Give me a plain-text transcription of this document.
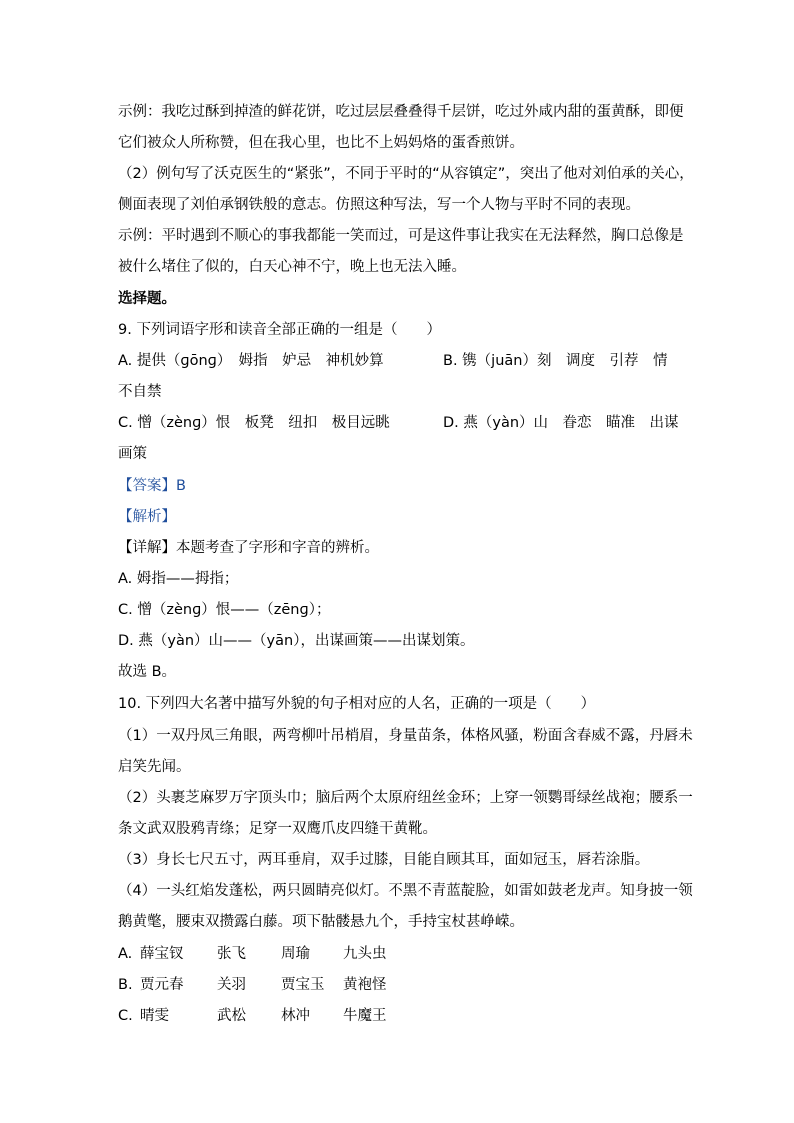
示例：我吃过酥到掉渣的鲜花饼，吃过层层叠叠得千层饼，吃过外咸内甜的蛋黄酥，即便
它们被众人所称赞，但在我心里，也比不上妈妈烙的蛋香煎饼。
（2）例句写了沃克医生的“紧张”，不同于平时的“从容镇定”，突出了他对刘伯承的关心，
侧面表现了刘伯承钢铁般的意志。仿照这种写法，写一个人物与平时不同的表现。
示例：平时遇到不顺心的事我都能一笑而过，可是这件事让我实在无法释然，胸口总像是
被什么堵住了似的，白天心神不宁，晚上也无法入睡。
选择题。
9. 下列词语字形和读音全部正确的一组是（　　）
A. 提供（ɡōnɡ）　姆指　妒忌　神机妙算	B. 镌（juān）刻　调度　引荐　情
不自禁
C. 憎（zènɡ）恨　板凳　纽扣　极目远眺	D. 燕（yàn）山　眷恋　瞄准　出谋
画策
【答案】B
【解析】
【详解】本题考查了字形和字音的辨析。
A. 姆指——拇指；
C. 憎（zènɡ）恨——（zēnɡ）；
D. 燕（yàn）山——（yān），出谋画策——出谋划策。
故选 B。
10. 下列四大名著中描写外貌的句子相对应的人名，正确的一项是（　　）
（1）一双丹凤三角眼，两弯柳叶吊梢眉，身量苗条，体格风骚，粉面含春威不露，丹唇未
启笑先闻。
（2）头裹芝麻罗万字顶头巾；脑后两个太原府纽丝金环；上穿一领鹦哥绿丝战袍；腰系一
条文武双股鸦青绦；足穿一双鹰爪皮四缝干黄靴。
（3）身长七尺五寸，两耳垂肩，双手过膝，目能自顾其耳，面如冠玉，唇若涂脂。
（4）一头红焰发蓬松，两只圆睛亮似灯。不黑不青蓝靛脸，如雷如鼓老龙声。知身披一领
鹅黄氅，腰束双攒露白藤。项下骷髅悬九个，手持宝杖甚峥嵘。
A. 薛宝钗 张飞 周瑜 九头虫
B. 贾元春 关羽 贾宝玉 黄袍怪
C. 晴雯	武松 林冲 牛魔王
